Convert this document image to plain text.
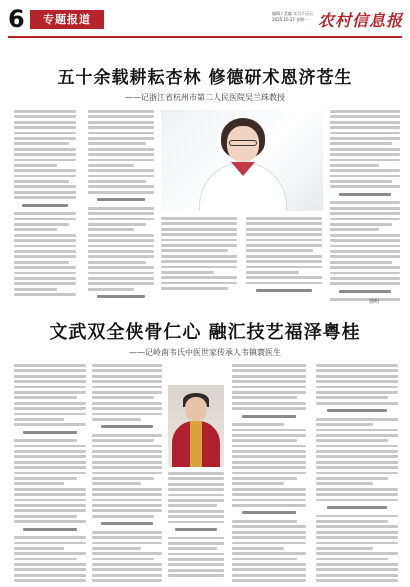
6	专题报道	编辑 / 美编 实习 / 历云
2025.10.27 星期一 农村信息报
五十余载耕耘杏林 修德研术恩济苍生
——记浙江省杭州市第二人民医院吴兰珠教授
郭明
文武双全侠骨仁心 融汇技艺福泽粤桂
——记岭南韦氏中医世家传承人韦镇寰医生
